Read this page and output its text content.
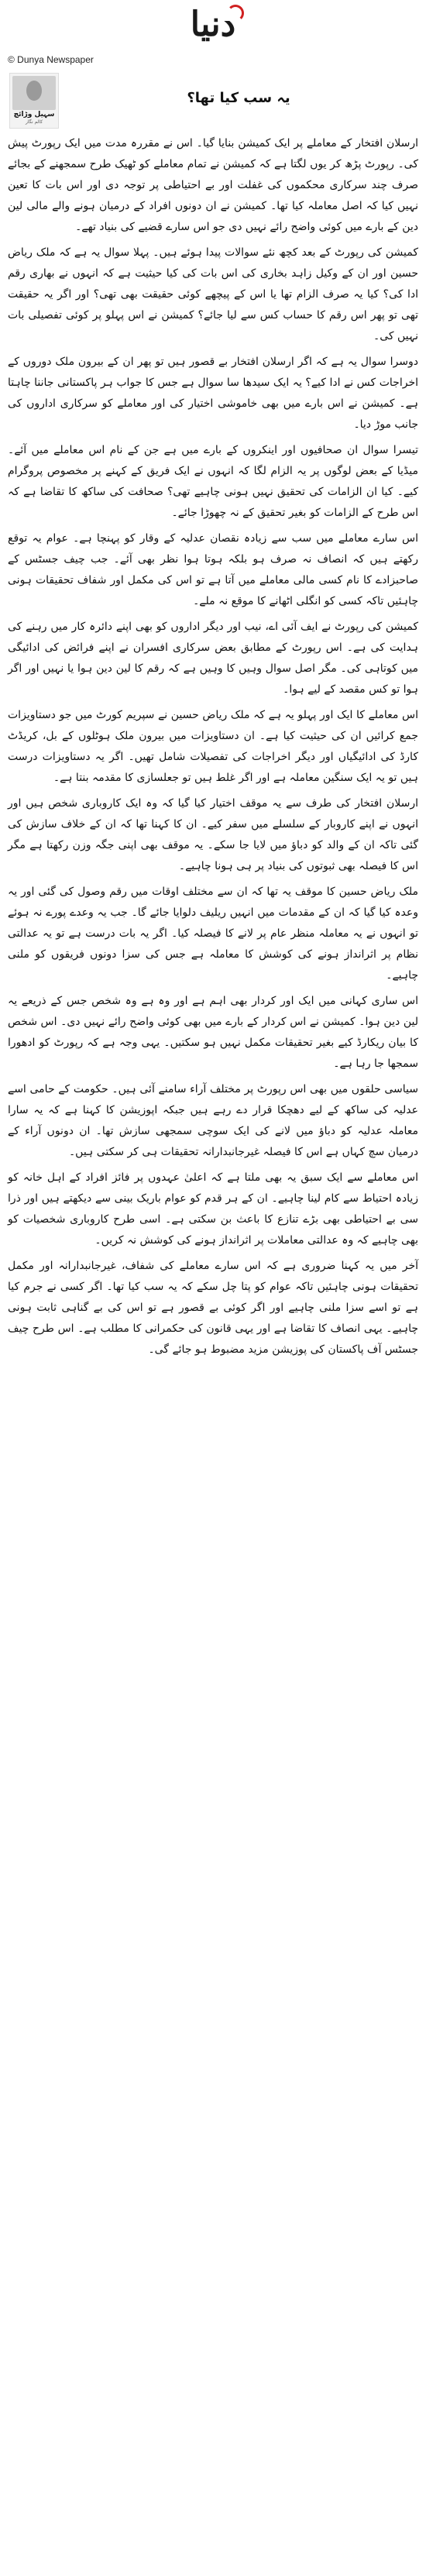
دنیا
© Dunya Newspaper
سہیل وڑائچ
کالم نگار
یہ سب کیا تھا؟

ارسلان افتخار کے معاملے پر ایک کمیشن بنایا گیا۔ اس نے مقررہ مدت میں ایک رپورٹ پیش کی۔ رپورٹ پڑھ کر یوں لگتا ہے کہ کمیشن نے تمام معاملے کو ٹھیک طرح سمجھنے کے بجائے صرف چند سرکاری محکموں کی غفلت اور بے احتیاطی پر توجہ دی اور اس بات کا تعین نہیں کیا کہ اصل معاملہ کیا تھا۔ کمیشن نے ان دونوں افراد کے درمیان ہونے والے مالی لین دین کے بارے میں کوئی واضح رائے نہیں دی جو اس سارے قضیے کی بنیاد تھے۔

کمیشن کی رپورٹ کے بعد کچھ نئے سوالات پیدا ہوئے ہیں۔ پہلا سوال یہ ہے کہ ملک ریاض حسین اور ان کے وکیل زاہد بخاری کی اس بات کی کیا حیثیت ہے کہ انہوں نے بھاری رقم ادا کی؟ کیا یہ صرف الزام تھا یا اس کے پیچھے کوئی حقیقت بھی تھی؟ اور اگر یہ حقیقت تھی تو پھر اس رقم کا حساب کس سے لیا جائے؟ کمیشن نے اس پہلو پر کوئی تفصیلی بات نہیں کی۔

دوسرا سوال یہ ہے کہ اگر ارسلان افتخار بے قصور ہیں تو پھر ان کے بیرون ملک دوروں کے اخراجات کس نے ادا کیے؟ یہ ایک سیدھا سا سوال ہے جس کا جواب ہر پاکستانی جاننا چاہتا ہے۔ کمیشن نے اس بارے میں بھی خاموشی اختیار کی اور معاملے کو سرکاری اداروں کی جانب موڑ دیا۔

تیسرا سوال ان صحافیوں اور اینکروں کے بارے میں ہے جن کے نام اس معاملے میں آئے۔ میڈیا کے بعض لوگوں پر یہ الزام لگا کہ انہوں نے ایک فریق کے کہنے پر مخصوص پروگرام کیے۔ کیا ان الزامات کی تحقیق نہیں ہونی چاہیے تھی؟ صحافت کی ساکھ کا تقاضا ہے کہ اس طرح کے الزامات کو بغیر تحقیق کے نہ چھوڑا جائے۔

اس سارے معاملے میں سب سے زیادہ نقصان عدلیہ کے وقار کو پہنچا ہے۔ عوام یہ توقع رکھتے ہیں کہ انصاف نہ صرف ہو بلکہ ہوتا ہوا نظر بھی آئے۔ جب چیف جسٹس کے صاحبزادے کا نام کسی مالی معاملے میں آتا ہے تو اس کی مکمل اور شفاف تحقیقات ہونی چاہئیں تاکہ کسی کو انگلی اٹھانے کا موقع نہ ملے۔

کمیشن کی رپورٹ نے ایف آئی اے، نیب اور دیگر اداروں کو بھی اپنے دائرہ کار میں رہنے کی ہدایت کی ہے۔ اس رپورٹ کے مطابق بعض سرکاری افسران نے اپنے فرائض کی ادائیگی میں کوتاہی کی۔ مگر اصل سوال وہیں کا وہیں ہے کہ رقم کا لین دین ہوا یا نہیں اور اگر ہوا تو کس مقصد کے لیے ہوا۔

اس معاملے کا ایک اور پہلو یہ ہے کہ ملک ریاض حسین نے سپریم کورٹ میں جو دستاویزات جمع کرائیں ان کی حیثیت کیا ہے۔ ان دستاویزات میں بیرون ملک ہوٹلوں کے بل، کریڈٹ کارڈ کی ادائیگیاں اور دیگر اخراجات کی تفصیلات شامل تھیں۔ اگر یہ دستاویزات درست ہیں تو یہ ایک سنگین معاملہ ہے اور اگر غلط ہیں تو جعلسازی کا مقدمہ بنتا ہے۔

ارسلان افتخار کی طرف سے یہ موقف اختیار کیا گیا کہ وہ ایک کاروباری شخص ہیں اور انہوں نے اپنے کاروبار کے سلسلے میں سفر کیے۔ ان کا کہنا تھا کہ ان کے خلاف سازش کی گئی تاکہ ان کے والد کو دباؤ میں لایا جا سکے۔ یہ موقف بھی اپنی جگہ وزن رکھتا ہے مگر اس کا فیصلہ بھی ثبوتوں کی بنیاد پر ہی ہونا چاہیے۔

ملک ریاض حسین کا موقف یہ تھا کہ ان سے مختلف اوقات میں رقم وصول کی گئی اور یہ وعدہ کیا گیا کہ ان کے مقدمات میں انہیں ریلیف دلوایا جائے گا۔ جب یہ وعدے پورے نہ ہوئے تو انہوں نے یہ معاملہ منظر عام پر لانے کا فیصلہ کیا۔ اگر یہ بات درست ہے تو یہ عدالتی نظام پر اثرانداز ہونے کی کوشش کا معاملہ ہے جس کی سزا دونوں فریقوں کو ملنی چاہیے۔

اس ساری کہانی میں ایک اور کردار بھی اہم ہے اور وہ ہے وہ شخص جس کے ذریعے یہ لین دین ہوا۔ کمیشن نے اس کردار کے بارے میں بھی کوئی واضح رائے نہیں دی۔ اس شخص کا بیان ریکارڈ کیے بغیر تحقیقات مکمل نہیں ہو سکتیں۔ یہی وجہ ہے کہ رپورٹ کو ادھورا سمجھا جا رہا ہے۔

سیاسی حلقوں میں بھی اس رپورٹ پر مختلف آراء سامنے آئی ہیں۔ حکومت کے حامی اسے عدلیہ کی ساکھ کے لیے دھچکا قرار دے رہے ہیں جبکہ اپوزیشن کا کہنا ہے کہ یہ سارا معاملہ عدلیہ کو دباؤ میں لانے کی ایک سوچی سمجھی سازش تھا۔ ان دونوں آراء کے درمیان سچ کہاں ہے اس کا فیصلہ غیرجانبدارانہ تحقیقات ہی کر سکتی ہیں۔

اس معاملے سے ایک سبق یہ بھی ملتا ہے کہ اعلیٰ عہدوں پر فائز افراد کے اہل خانہ کو زیادہ احتیاط سے کام لینا چاہیے۔ ان کے ہر قدم کو عوام باریک بینی سے دیکھتے ہیں اور ذرا سی بے احتیاطی بھی بڑے تنازع کا باعث بن سکتی ہے۔ اسی طرح کاروباری شخصیات کو بھی چاہیے کہ وہ عدالتی معاملات پر اثرانداز ہونے کی کوشش نہ کریں۔

آخر میں یہ کہنا ضروری ہے کہ اس سارے معاملے کی شفاف، غیرجانبدارانہ اور مکمل تحقیقات ہونی چاہئیں تاکہ عوام کو پتا چل سکے کہ یہ سب کیا تھا۔ اگر کسی نے جرم کیا ہے تو اسے سزا ملنی چاہیے اور اگر کوئی بے قصور ہے تو اس کی بے گناہی ثابت ہونی چاہیے۔ یہی انصاف کا تقاضا ہے اور یہی قانون کی حکمرانی کا مطلب ہے۔ اس طرح چیف جسٹس آف پاکستان کی پوزیشن مزید مضبوط ہو جائے گی۔
